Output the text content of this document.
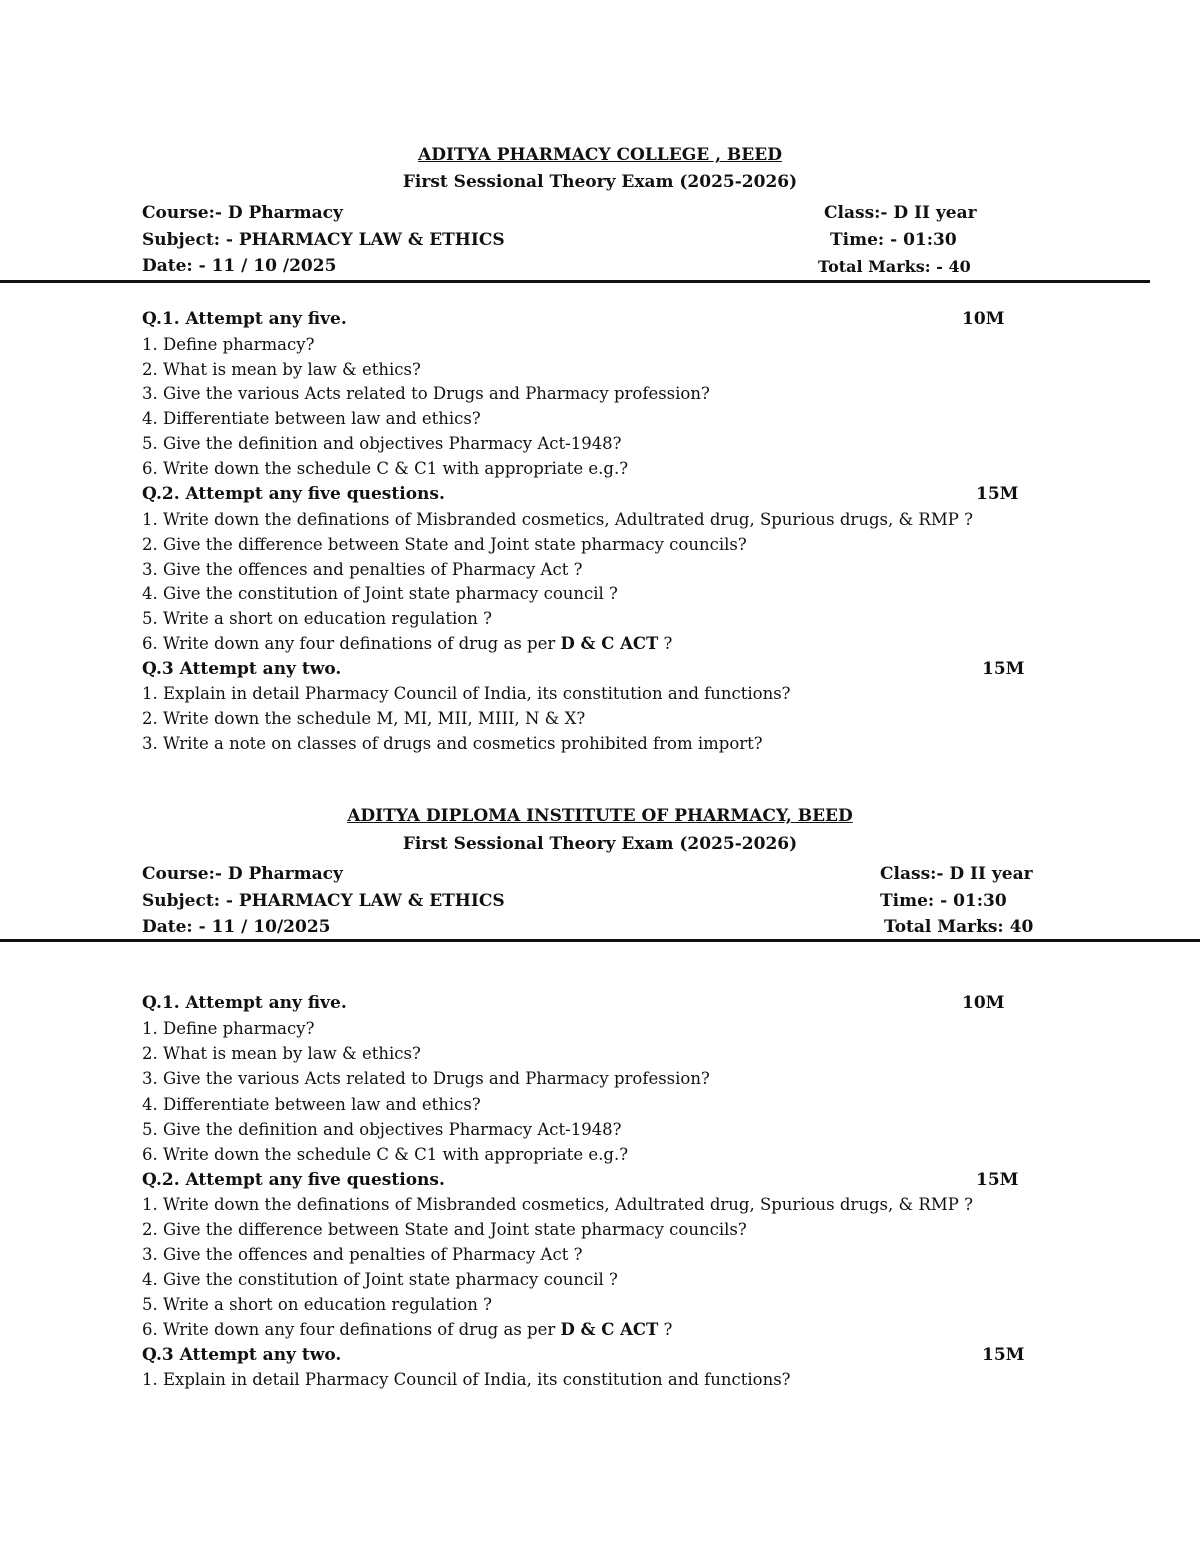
ADITYA PHARMACY COLLEGE , BEED
First Sessional Theory Exam (2025-2026)
Course:- D Pharmacy	Class:- D II year
Subject: - PHARMACY LAW & ETHICS	Time: - 01:30
Date: - 11 / 10 /2025	Total Marks: - 40
Q.1. Attempt any five.	10M
1. Define pharmacy?
2. What is mean by law & ethics?
3. Give the various Acts related to Drugs and Pharmacy profession?
4. Differentiate between law and ethics?
5. Give the definition and objectives Pharmacy Act-1948?
6. Write down the schedule C & C1 with appropriate e.g.?
Q.2. Attempt any five questions.	15M
1. Write down the definations of Misbranded cosmetics, Adultrated drug, Spurious drugs, & RMP ?
2. Give the difference between State and Joint state pharmacy councils?
3. Give the offences and penalties of Pharmacy Act ?
4. Give the constitution of Joint state pharmacy council ?
5. Write a short on education regulation ?
6. Write down any four definations of drug as per D & C ACT ?
Q.3 Attempt any two.	15M
1. Explain in detail Pharmacy Council of India, its constitution and functions?
2. Write down the schedule M, MI, MII, MIII, N & X?
3. Write a note on classes of drugs and cosmetics prohibited from import?
ADITYA DIPLOMA INSTITUTE OF PHARMACY, BEED
First Sessional Theory Exam (2025-2026)
Course:- D Pharmacy	Class:- D II year
Subject: - PHARMACY LAW & ETHICS	Time: - 01:30
Date: - 11 / 10/2025	Total Marks: 40
Q.1. Attempt any five.	10M
1. Define pharmacy?
2. What is mean by law & ethics?
3. Give the various Acts related to Drugs and Pharmacy profession?
4. Differentiate between law and ethics?
5. Give the definition and objectives Pharmacy Act-1948?
6. Write down the schedule C & C1 with appropriate e.g.?
Q.2. Attempt any five questions.	15M
1. Write down the definations of Misbranded cosmetics, Adultrated drug, Spurious drugs, & RMP ?
2. Give the difference between State and Joint state pharmacy councils?
3. Give the offences and penalties of Pharmacy Act ?
4. Give the constitution of Joint state pharmacy council ?
5. Write a short on education regulation ?
6. Write down any four definations of drug as per D & C ACT ?
Q.3 Attempt any two.	15M
1. Explain in detail Pharmacy Council of India, its constitution and functions?
